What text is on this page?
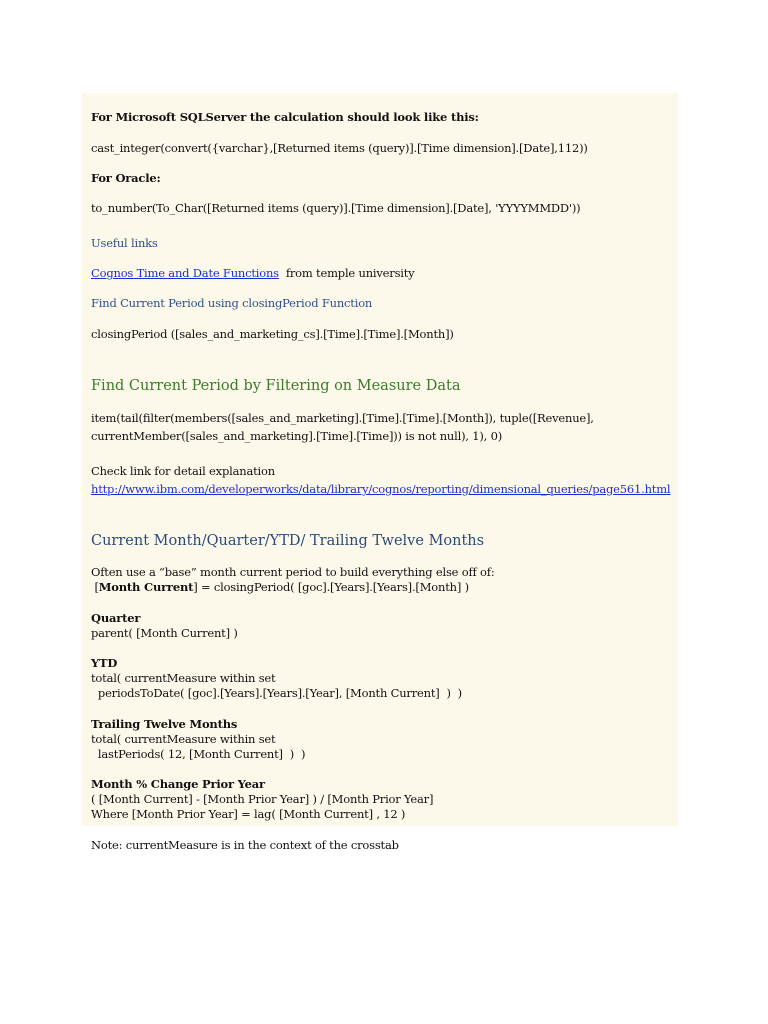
For Microsoft SQLServer the calculation should look like this:
cast_integer(convert({varchar},[Returned items (query)].[Time dimension].[Date],112))
For Oracle:
to_number(To_Char([Returned items (query)].[Time dimension].[Date], 'YYYYMMDD'))
Useful links
Cognos Time and Date Functions from temple university
Find Current Period using closingPeriod Function
closingPeriod ([sales_and_marketing_cs].[Time].[Time].[Month])
Find Current Period by Filtering on Measure Data
item(tail(filter(members([sales_and_marketing].[Time].[Time].[Month]), tuple([Revenue],
currentMember([sales_and_marketing].[Time].[Time])) is not null), 1), 0)
Check link for detail explanation
http://www.ibm.com/developerworks/data/library/cognos/reporting/dimensional_queries/page561.html
Current Month/Quarter/YTD/ Trailing Twelve Months
Often use a “base” month current period to build everything else off of:
[Month Current] = closingPeriod( [goc].[Years].[Years].[Month] )
Quarter
parent( [Month Current] )
YTD
total( currentMeasure within set
periodsToDate( [goc].[Years].[Years].[Year], [Month Current]  )  )
Trailing Twelve Months
total( currentMeasure within set
lastPeriods( 12, [Month Current]  )  )
Month % Change Prior Year
( [Month Current] - [Month Prior Year] ) / [Month Prior Year]
Where [Month Prior Year] = lag( [Month Current] , 12 )
Note: currentMeasure is in the context of the crosstab
